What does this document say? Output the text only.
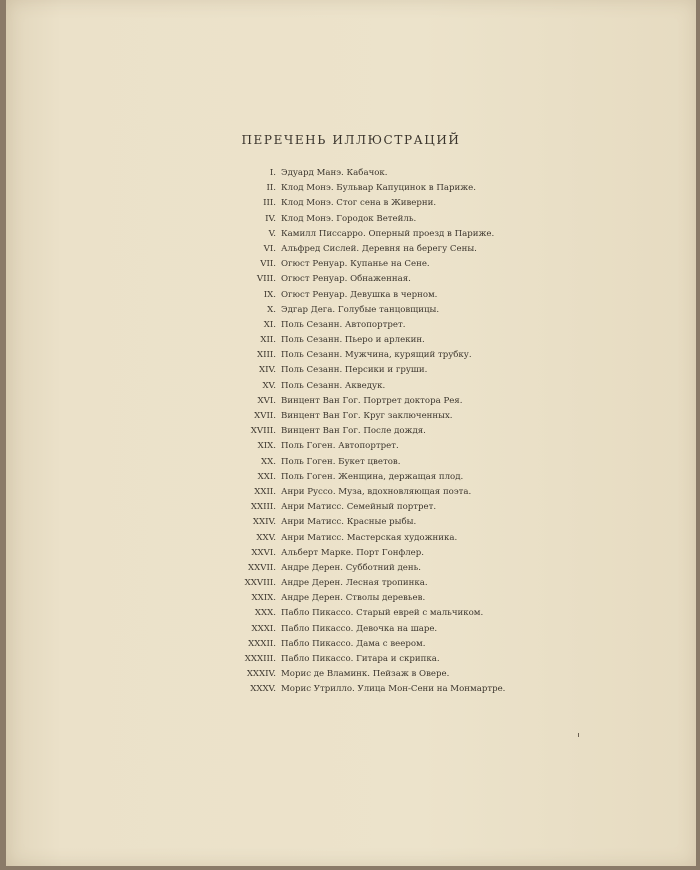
ПЕРЕЧЕНЬ ИЛЛЮСТРАЦИЙ
I. Эдуард Манэ. Кабачок.
II. Клод Монэ. Бульвар Капуцинок в Париже.
III. Клод Монэ. Стог сена в Живерни.
IV. Клод Монэ. Городок Ветейль.
V. Камилл Писсарро. Оперный проезд в Париже.
VI. Альфред Сислей. Деревня на берегу Сены.
VII. Огюст Ренуар. Купанье на Сене.
VIII. Огюст Ренуар. Обнаженная.
IX. Огюст Ренуар. Девушка в черном.
X. Эдгар Дега. Голубые танцовщицы.
XI. Поль Сезанн. Автопортрет.
XII. Поль Сезанн. Пьеро и арлекин.
XIII. Поль Сезанн. Мужчина, курящий трубку.
XIV. Поль Сезанн. Персики и груши.
XV. Поль Сезанн. Акведук.
XVI. Винцент Ван Гог. Портрет доктора Рея.
XVII. Винцент Ван Гог. Круг заключенных.
XVIII. Винцент Ван Гог. После дождя.
XIX. Поль Гоген. Автопортрет.
XX. Поль Гоген. Букет цветов.
XXI. Поль Гоген. Женщина, держащая плод.
XXII. Анри Руссо. Муза, вдохновляющая поэта.
XXIII. Анри Матисс. Семейный портрет.
XXIV. Анри Матисс. Красные рыбы.
XXV. Анри Матисс. Мастерская художника.
XXVI. Альберт Марке. Порт Гонфлер.
XXVII. Андре Дерен. Субботний день.
XXVIII. Андре Дерен. Лесная тропинка.
XXIX. Андре Дерен. Стволы деревьев.
XXX. Пабло Пикассо. Старый еврей с мальчиком.
XXXI. Пабло Пикассо. Девочка на шаре.
XXXII. Пабло Пикассо. Дама с веером.
XXXIII. Пабло Пикассо. Гитара и скрипка.
XXXIV. Морис де Вламинк. Пейзаж в Овере.
XXXV. Морис Утрилло. Улица Мон-Сени на Монмартре.
